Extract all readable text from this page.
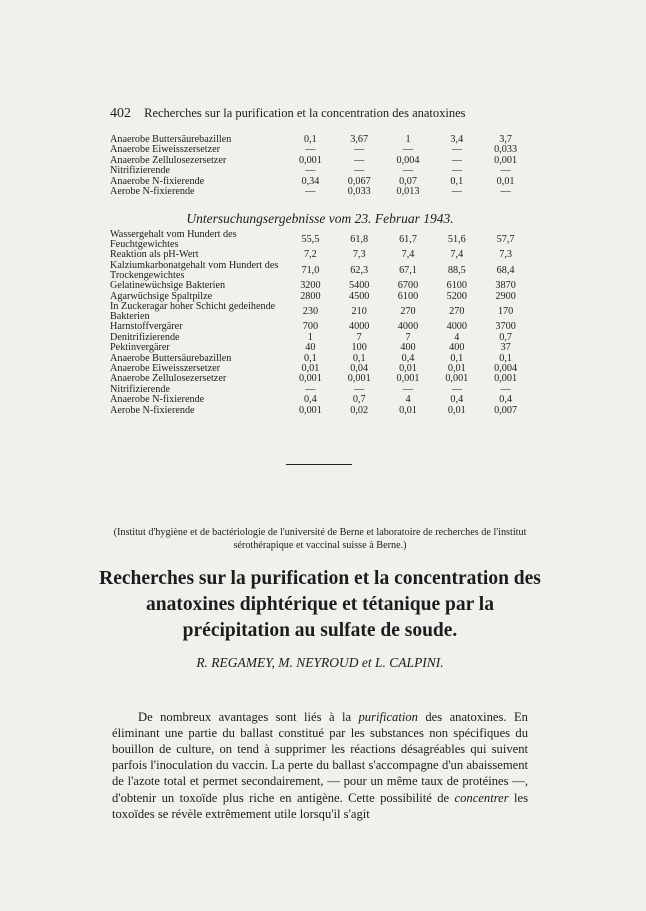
402 Recherches sur la purification et la concentration des anatoxines
Anaerobe Buttersäurebazillen	0,1	3,67	1	3,4	3,7
Anaerobe Eiweisszersetzer	—	—	—	—	0,033
Anaerobe Zellulosezersetzer	0,001	—	0,004	—	0,001
Nitrifizierende	—	—	—	—	—
Anaerobe N-fixierende	0,34	0,067	0,07	0,1	0,01
Aerobe N-fixierende	—	0,033	0,013	—	—
Untersuchungsergebnisse vom 23. Februar 1943.
Wassergehalt vom Hundert des Feuchtgewichtes	55,5	61,8	61,7	51,6	57,7
Reaktion als pH-Wert	7,2	7,3	7,4	7,4	7,3
Kalziumkarbonatgehalt vom Hundert des Trockengewichtes	71,0	62,3	67,1	88,5	68,4
Gelatinewüchsige Bakterien	3200	5400	6700	6100	3870
Agarwüchsige Spaltpilze	2800	4500	6100	5200	2900
In Zuckeragar hoher Schicht gedeihende Bakterien	230	210	270	270	170
Harnstoffvergärer	700	4000	4000	4000	3700
Denitrifizierende	1	7	7	4	0,7
Pektinvergärer	40	100	400	400	37
Anaerobe Buttersäurebazillen	0,1	0,1	0,4	0,1	0,1
Anaerobe Eiweisszersetzer	0,01	0,04	0,01	0,01	0,004
Anaerobe Zellulosezersetzer	0,001	0,001	0,001	0,001	0,001
Nitrifizierende	—	—	—	—	—
Anaerobe N-fixierende	0,4	0,7	4	0,4	0,4
Aerobe N-fixierende	0,001	0,02	0,01	0,01	0,007
(Institut d'hygiène et de bactériologie de l'université de Berne et laboratoire de recherches de l'institut sérothérapique et vaccinal suisse à Berne.)
Recherches sur la purification et la concentration des anatoxines diphtérique et tétanique par la précipitation au sulfate de soude.
R. REGAMEY, M. NEYROUD et L. CALPINI.

De nombreux avantages sont liés à la purification des anatoxines. En éliminant une partie du ballast constitué par les substances non spécifiques du bouillon de culture, on tend à supprimer les réactions désagréables qui suivent parfois l'inoculation du vaccin. La perte du ballast s'accompagne d'un abaissement de l'azote total et permet secondairement, — pour un même taux de protéines —, d'obtenir un toxoïde plus riche en antigène. Cette possibilité de concentrer les toxoïdes se révèle extrêmement utile lorsqu'il s'agit
